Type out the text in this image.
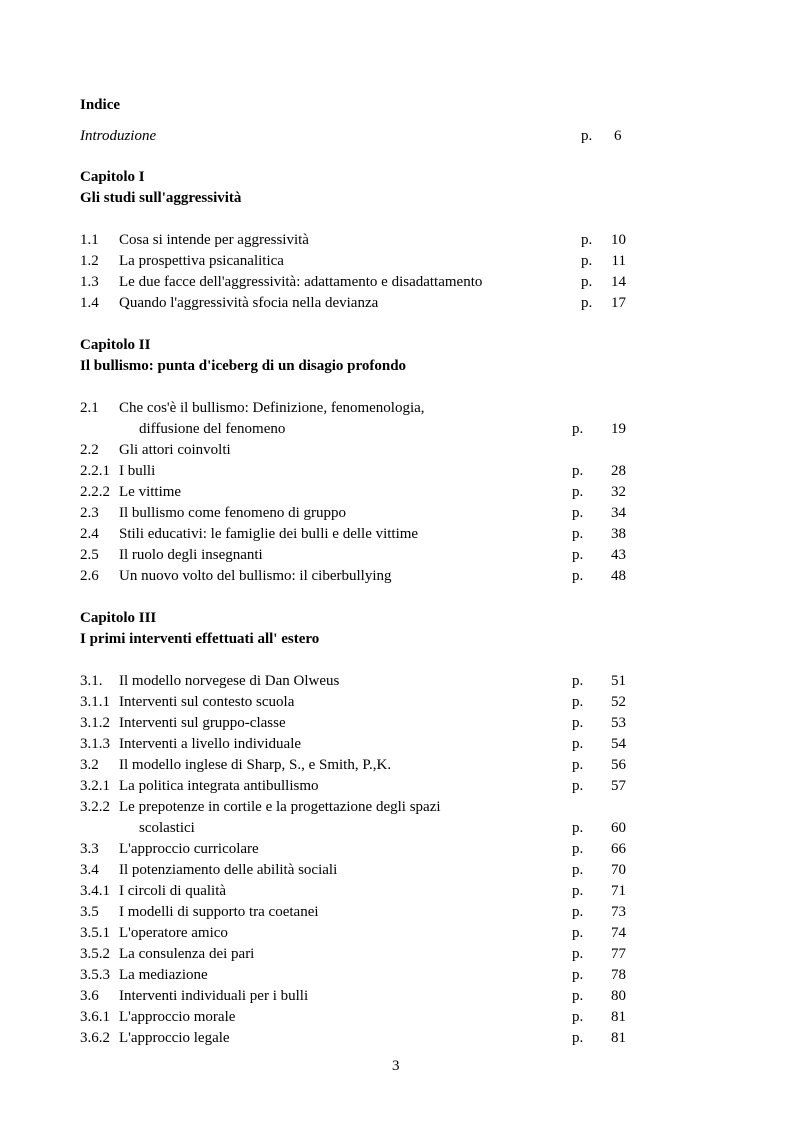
Indice
Introduzione	p. 6
Capitolo I
Gli studi sull'aggressività
1.1 Cosa si intende per aggressività	p. 10
1.2 La prospettiva psicanalitica	p. 11
1.3 Le due facce dell'aggressività: adattamento e disadattamento	p. 14
1.4 Quando l'aggressività sfocia nella devianza	p. 17
Capitolo II
Il bullismo: punta d'iceberg di un disagio profondo
2.1 Che cos'è il bullismo: Definizione, fenomenologia,
diffusione del fenomeno	p. 19
2.2 Gli attori coinvolti
2.2.1 I bulli	p. 28
2.2.2 Le vittime	p. 32
2.3 Il bullismo come fenomeno di gruppo	p. 34
2.4 Stili educativi: le famiglie dei bulli e delle vittime	p. 38
2.5 Il ruolo degli insegnanti	p. 43
2.6 Un nuovo volto del bullismo: il ciberbullying	p. 48
Capitolo III
I primi interventi effettuati all' estero
3.1. Il modello norvegese di Dan Olweus	p. 51
3.1.1 Interventi sul contesto scuola	p. 52
3.1.2 Interventi sul gruppo-classe	p. 53
3.1.3 Interventi a livello individuale	p. 54
3.2 Il modello inglese di Sharp, S., e Smith, P.,K.	p. 56
3.2.1 La politica integrata antibullismo	p. 57
3.2.2 Le prepotenze in cortile e la progettazione degli spazi
scolastici	p. 60
3.3 L'approccio curricolare	p. 66
3.4 Il potenziamento delle abilità sociali	p. 70
3.4.1 I circoli di qualità	p. 71
3.5 I modelli di supporto tra coetanei	p. 73
3.5.1 L'operatore amico	p. 74
3.5.2 La consulenza dei pari	p. 77
3.5.3 La mediazione	p. 78
3.6 Interventi individuali per i bulli	p. 80
3.6.1 L'approccio morale	p. 81
3.6.2 L'approccio legale	p. 81
3
